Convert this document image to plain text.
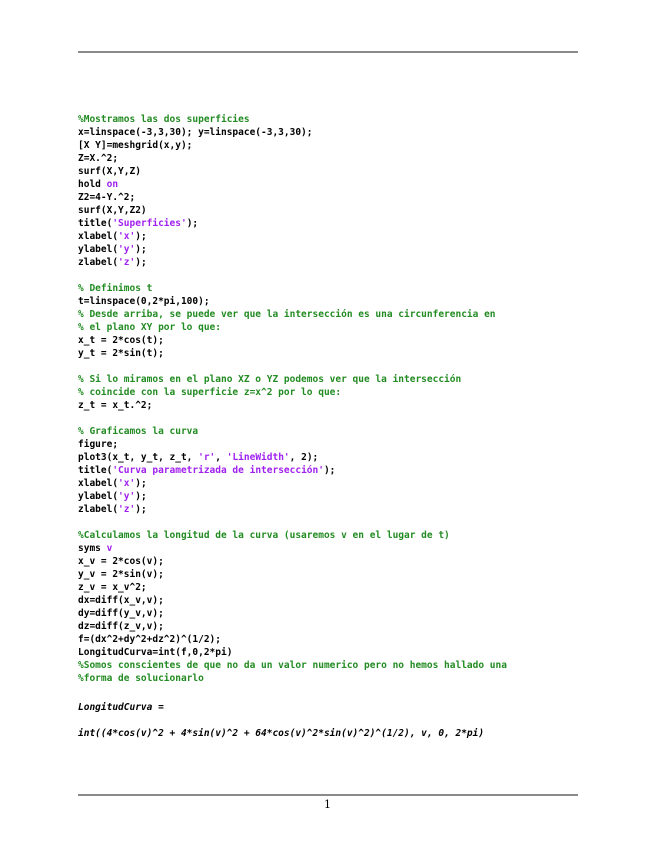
%Mostramos las dos superficies
x=linspace(-3,3,30); y=linspace(-3,3,30);
[X Y]=meshgrid(x,y);
Z=X.^2;
surf(X,Y,Z)
hold on
Z2=4-Y.^2;
surf(X,Y,Z2)
title('Superficies');
xlabel('x');
ylabel('y');
zlabel('z');
% Definimos t
t=linspace(0,2*pi,100);
% Desde arriba, se puede ver que la intersección es una circunferencia en
% el plano XY por lo que:
x_t = 2*cos(t);
y_t = 2*sin(t);
% Si lo miramos en el plano XZ o YZ podemos ver que la intersección
% coincide con la superficie z=x^2 por lo que:
z_t = x_t.^2;
% Graficamos la curva
figure;
plot3(x_t, y_t, z_t, 'r', 'LineWidth', 2);
title('Curva parametrizada de intersección');
xlabel('x');
ylabel('y');
zlabel('z');
%Calculamos la longitud de la curva (usaremos v en el lugar de t)
syms v
x_v = 2*cos(v);
y_v = 2*sin(v);
z_v = x_v^2;
dx=diff(x_v,v);
dy=diff(y_v,v);
dz=diff(z_v,v);
f=(dx^2+dy^2+dz^2)^(1/2);
LongitudCurva=int(f,0,2*pi)
%Somos conscientes de que no da un valor numerico pero no hemos hallado una
%forma de solucionarlo
LongitudCurva =
int((4*cos(v)^2 + 4*sin(v)^2 + 64*cos(v)^2*sin(v)^2)^(1/2), v, 0, 2*pi)
1
